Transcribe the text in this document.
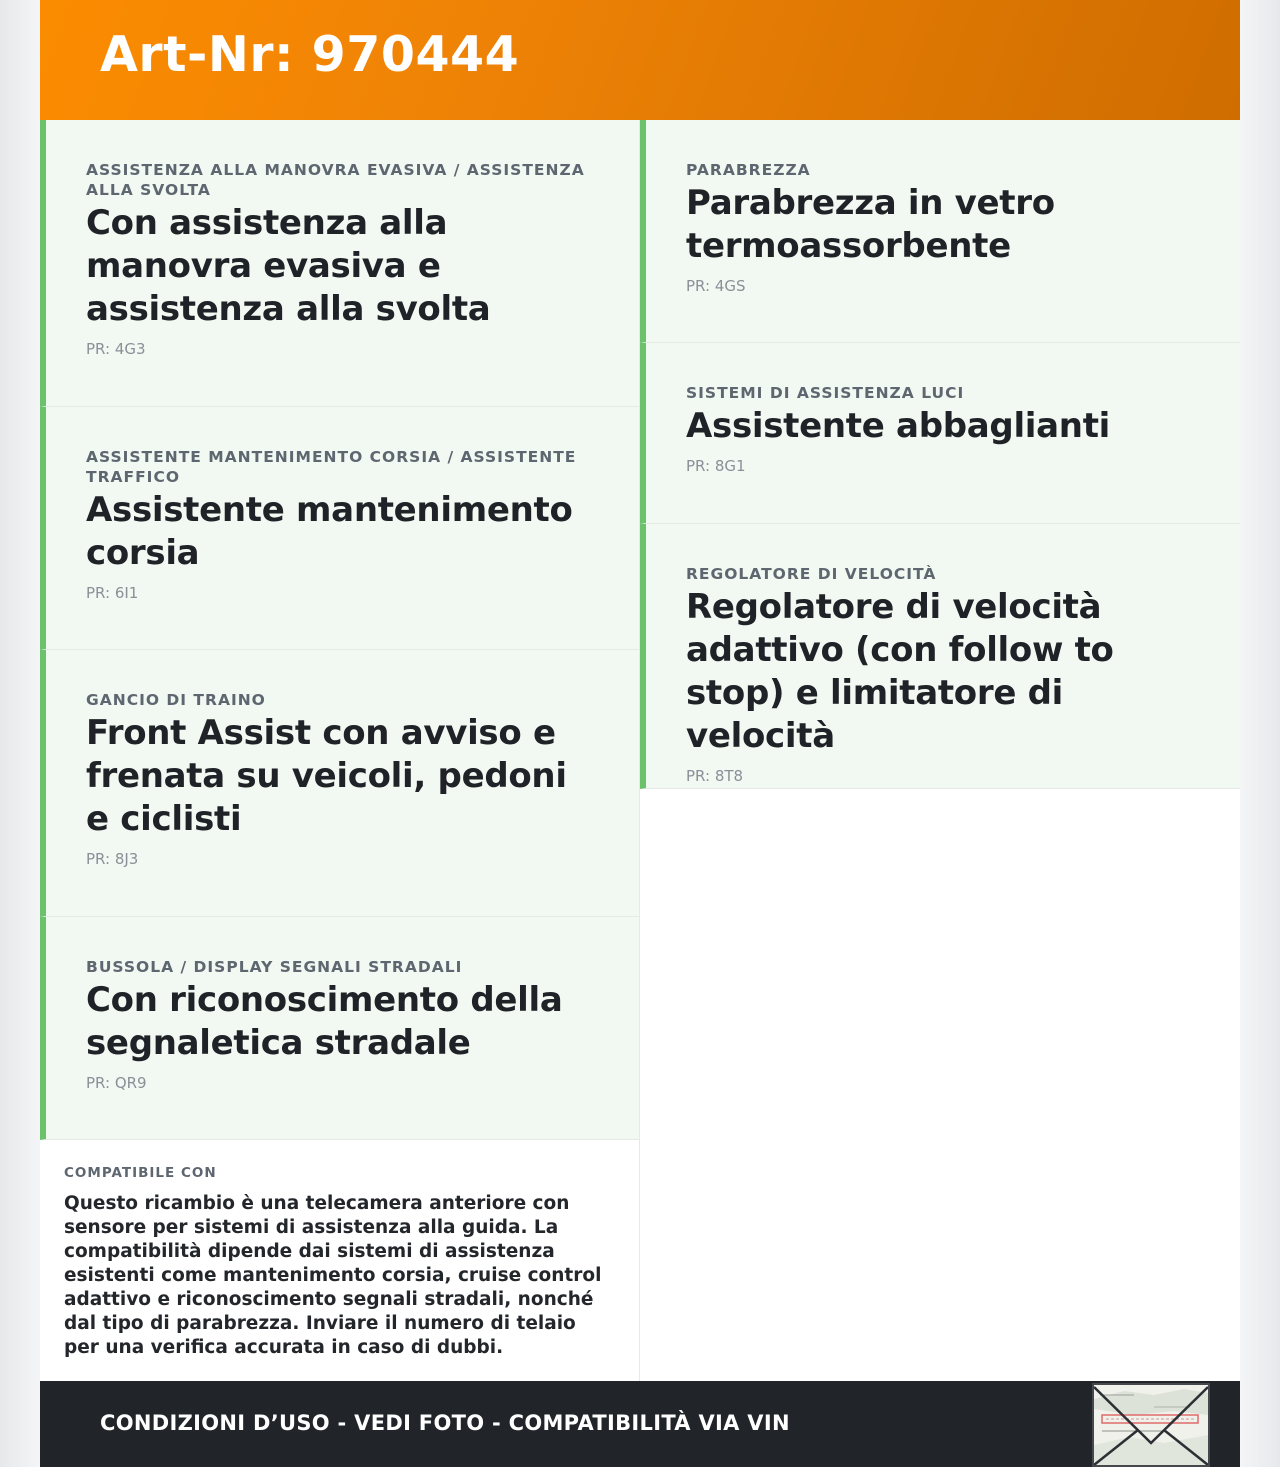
Art-Nr: 970444
ASSISTENZA ALLA MANOVRA EVASIVA / ASSISTENZA ALLA SVOLTA
Con assistenza alla manovra evasiva e assistenza alla svolta
PR: 4G3
ASSISTENTE MANTENIMENTO CORSIA / ASSISTENTE TRAFFICO
Assistente mantenimento corsia
PR: 6I1
GANCIO DI TRAINO
Front Assist con avviso e frenata su veicoli, pedoni e ciclisti
PR: 8J3
BUSSOLA / DISPLAY SEGNALI STRADALI
Con riconoscimento della segnaletica stradale
PR: QR9
PARABREZZA
Parabrezza in vetro termoassorbente
PR: 4GS
SISTEMI DI ASSISTENZA LUCI
Assistente abbaglianti
PR: 8G1
REGOLATORE DI VELOCITÀ
Regolatore di velocità adattivo (con follow to stop) e limitatore di velocità
PR: 8T8
COMPATIBILE CON

Questo ricambio è una telecamera anteriore con sensore per sistemi di assistenza alla guida. La compatibilità dipende dai sistemi di assistenza esistenti come mantenimento corsia, cruise control adattivo e riconoscimento segnali stradali, nonché dal tipo di parabrezza. Inviare il numero di telaio per una verifica accurata in caso di dubbi.

CONDIZIONI D’USO - VEDI FOTO - COMPATIBILITÀ VIA VIN
